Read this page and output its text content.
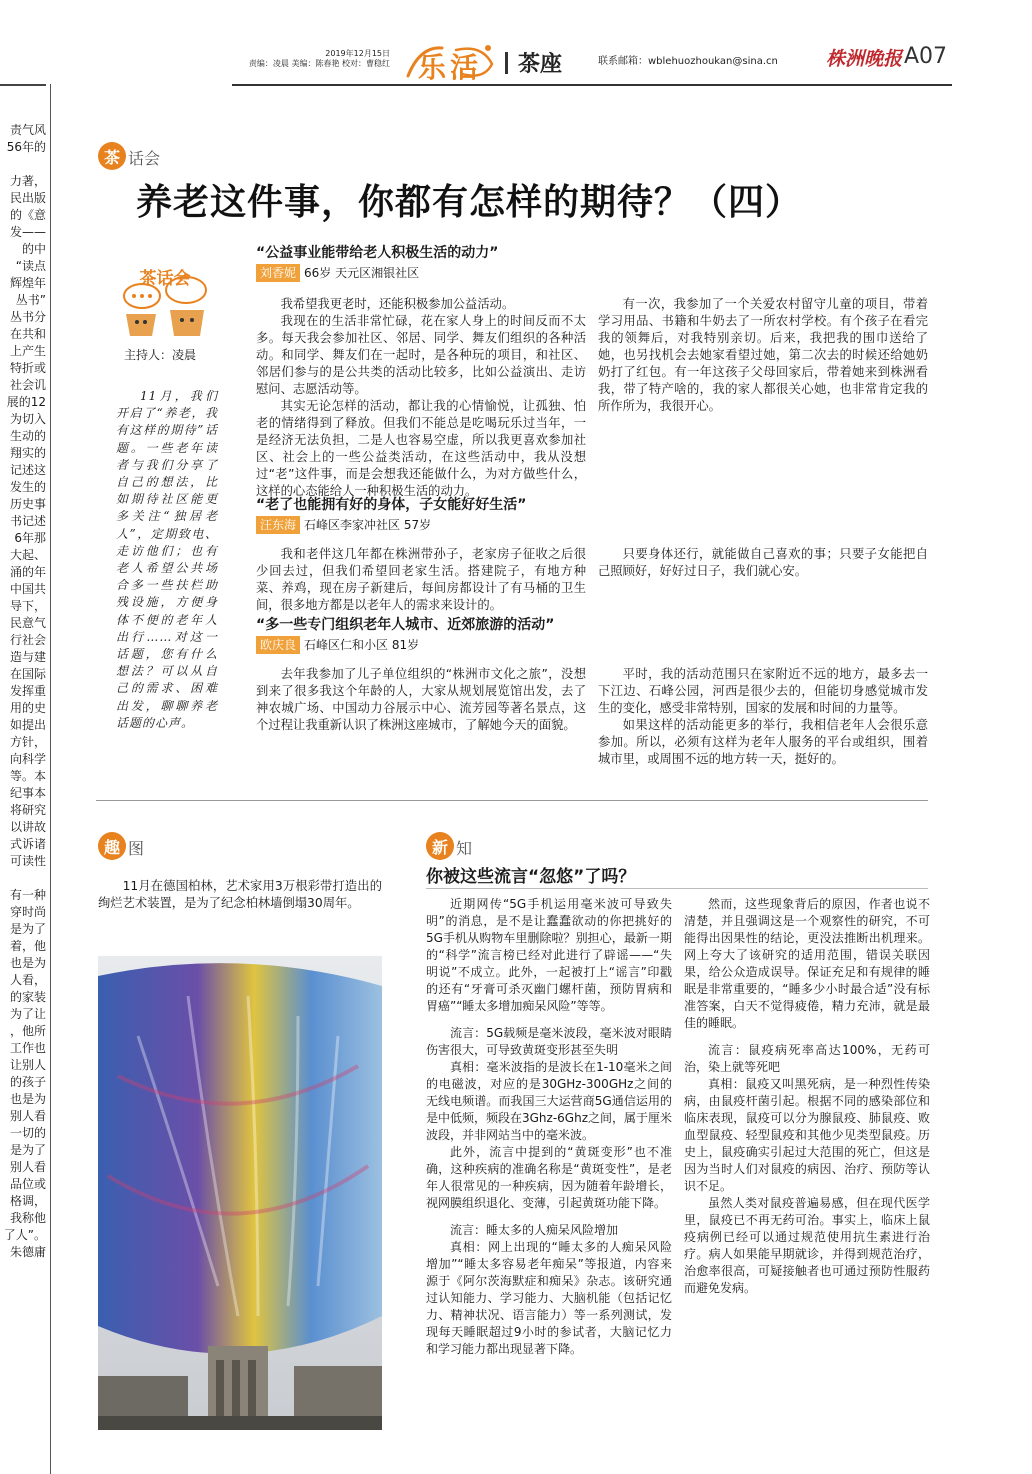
2019年12月15日
责编：凌晨 美编：陈春艳 校对：曹稳红 乐活	茶座	联系邮箱：wblehuozhoukan@sina.cn	株洲晚报 A07
责气风
56年的
力著，
民出版
的《意
发——
的中
“读点
辉煌年
丛书”
丛书分
在共和
上产生
特折或
社会讥
展的12
为切入
生动的
翔实的
记述这
发生的
历史事
书记述
6年那
大起、
涌的年
中国共
导下，
民意气
行社会
造与建
在国际
发挥重
用的史
如提出
方针，
向科学
等。本
纪事本
将研究
以讲故
式诉诸
可读性
有一种
穿时尚
是为了
着，他
也是为
人看，
的家装
为了让
，他所
工作也
让别人
的孩子
也是为
别人看
一切的
是为了
别人看
品位或
格调，
我称他
了人”。
朱德庸
茶 话会
养老这件事，你都有怎样的期待？（四）
茶话会
主持人：凌晨
11月，我们开启了“养老，我有这样的期待”话题。一些老年读者与我们分享了自己的想法，比如期待社区能更多关注“独居老人”，定期致电、走访他们；也有老人希望公共场合多一些扶栏助残设施，方便身体不便的老年人出行……对这一话题，您有什么想法？可以从自己的需求、困难出发，聊聊养老话题的心声。
“公益事业能带给老人积极生活的动力”
刘香妮 66岁 天元区湘银社区

我希望我更老时，还能积极参加公益活动。

我现在的生活非常忙碌，花在家人身上的时间反而不太多。每天我会参加社区、邻居、同学、舞友们组织的各种活动。和同学、舞友们在一起时，是各种玩的项目，和社区、邻居们参与的是公共类的活动比较多，比如公益演出、走访慰问、志愿活动等。

其实无论怎样的活动，都让我的心情愉悦，让孤独、怕老的情绪得到了释放。但我们不能总是吃喝玩乐过当年，一是经济无法负担，二是人也容易空虚，所以我更喜欢参加社区、社会上的一些公益类活动，在这些活动中，我从没想过“老”这件事，而是会想我还能做什么，为对方做些什么，这样的心态能给人一种积极生活的动力。

有一次，我参加了一个关爱农村留守儿童的项目，带着学习用品、书籍和牛奶去了一所农村学校。有个孩子在看完我的领舞后，对我特别亲切。后来，我把我的围巾送给了她，也另找机会去她家看望过她，第二次去的时候还给她奶奶打了红包。有一年这孩子父母回家后，带着她来到株洲看我，带了特产啥的，我的家人都很关心她，也非常肯定我的所作所为，我很开心。

“老了也能拥有好的身体，子女能好好生活”
汪东海 石峰区李家冲社区 57岁

我和老伴这几年都在株洲带孙子，老家房子征收之后很少回去过，但我们希望回老家生活。搭建院子，有地方种菜、养鸡，现在房子新建后，每间房都设计了有马桶的卫生间，很多地方都是以老年人的需求来设计的。

只要身体还行，就能做自己喜欢的事；只要子女能把自己照顾好，好好过日子，我们就心安。

“多一些专门组织老年人城市、近郊旅游的活动”
欧庆良 石峰区仁和小区 81岁

去年我参加了儿子单位组织的“株洲市文化之旅”，没想到来了很多我这个年龄的人，大家从规划展览馆出发，去了神农城广场、中国动力谷展示中心、流芳园等著名景点，这个过程让我重新认识了株洲这座城市，了解她今天的面貌。

平时，我的活动范围只在家附近不远的地方，最多去一下江边、石峰公园，河西是很少去的，但能切身感觉城市发生的变化，感受非常特别，国家的发展和时间的力量等。

如果这样的活动能更多的举行，我相信老年人会很乐意参加。所以，必须有这样为老年人服务的平台或组织，围着城市里，或周围不远的地方转一天，挺好的。

趣 图

11月在德国柏林，艺术家用3万根彩带打造出的绚烂艺术装置，是为了纪念柏林墙倒塌30周年。

新 知
你被这些流言“忽悠”了吗？

近期网传“5G手机运用毫米波可导致失明”的消息，是不是让蠢蠢欲动的你把挑好的5G手机从购物车里删除啦？别担心，最新一期的“科学”流言榜已经对此进行了辟谣——“失明说”不成立。此外，一起被打上“谣言”印戳的还有“牙膏可杀灭幽门螺杆菌，预防胃病和胃癌”“睡太多增加痴呆风险”等等。

流言：5G载频是毫米波段，毫米波对眼睛伤害很大，可导致黄斑变形甚至失明

真相：毫米波指的是波长在1-10毫米之间的电磁波，对应的是30GHz-300GHz之间的无线电频谱。而我国三大运营商5G通信运用的是中低频，频段在3Ghz-6Ghz之间，属于厘米波段，并非网站当中的毫米波。

此外，流言中提到的“黄斑变形”也不准确，这种疾病的准确名称是“黄斑变性”，是老年人很常见的一种疾病，因为随着年龄增长，视网膜组织退化、变薄，引起黄斑功能下降。

流言：睡太多的人痴呆风险增加

真相：网上出现的“睡太多的人痴呆风险增加”“睡太多容易老年痴呆”等报道，内容来源于《阿尔茨海默症和痴呆》杂志。该研究通过认知能力、学习能力、大脑机能（包括记忆力、精神状况、语言能力）等一系列测试，发现每天睡眠超过9小时的参试者，大脑记忆力和学习能力都出现显著下降。

然而，这些现象背后的原因，作者也说不清楚，并且强调这是一个观察性的研究，不可能得出因果性的结论，更没法推断出机理来。网上夸大了该研究的适用范围，错误关联因果，给公众造成误导。保证充足和有规律的睡眠是非常重要的，“睡多少小时最合适”没有标准答案，白天不觉得疲倦，精力充沛，就是最佳的睡眠。

流言：鼠疫病死率高达100%，无药可治，染上就等死吧

真相：鼠疫又叫黑死病，是一种烈性传染病，由鼠疫杆菌引起。根据不同的感染部位和临床表现，鼠疫可以分为腺鼠疫、肺鼠疫、败血型鼠疫、轻型鼠疫和其他少见类型鼠疫。历史上，鼠疫确实引起过大范围的死亡，但这是因为当时人们对鼠疫的病因、治疗、预防等认识不足。

虽然人类对鼠疫普遍易感，但在现代医学里，鼠疫已不再无药可治。事实上，临床上鼠疫病例已经可以通过规范使用抗生素进行治疗。病人如果能早期就诊，并得到规范治疗，治愈率很高，可疑接触者也可通过预防性服药而避免发病。
